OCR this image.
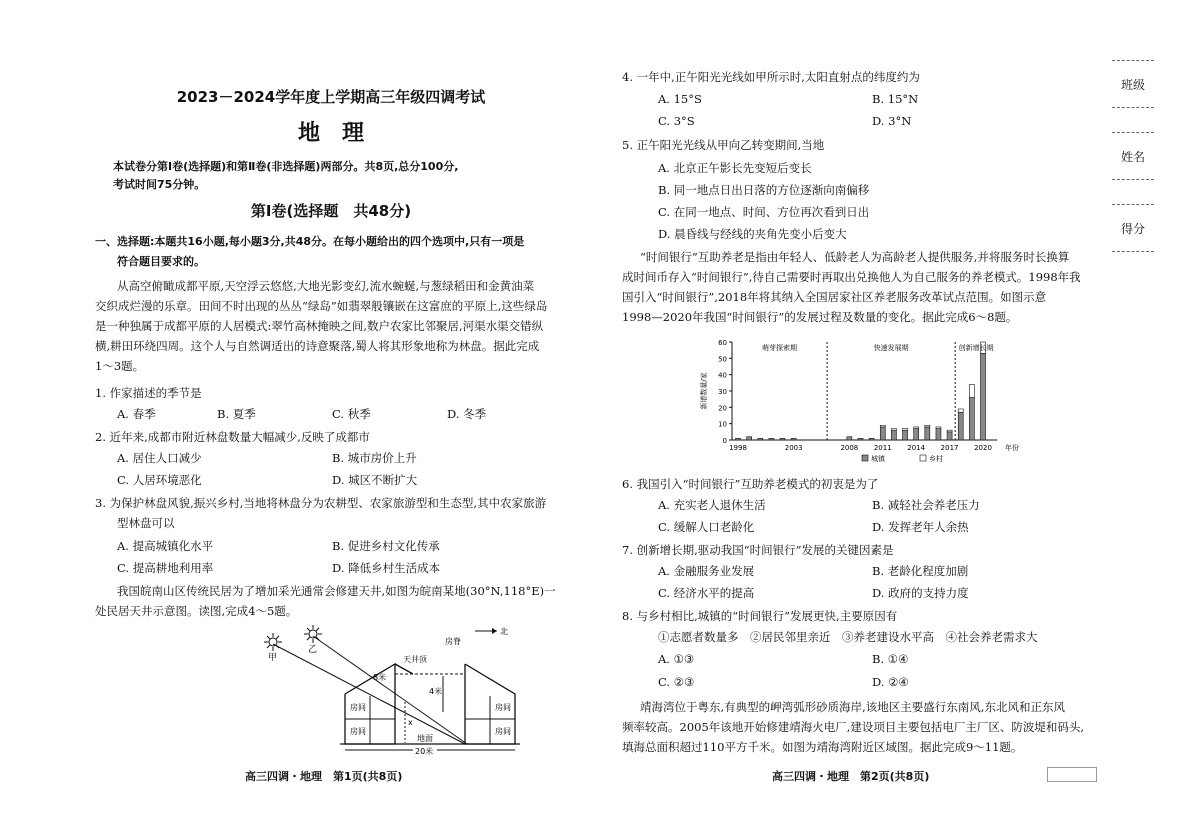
2023－2024学年度上学期高三年级四调考试
地　理
本试卷分第Ⅰ卷(选择题)和第Ⅱ卷(非选择题)两部分。共8页,总分100分,
考试时间75分钟。
第Ⅰ卷(选择题　共48分)
一、选择题:本题共16小题,每小题3分,共48分。在每小题给出的四个选项中,只有一项是
符合题目要求的。
从高空俯瞰成都平原,天空浮云悠悠,大地光影变幻,流水蜿蜒,与葱绿稻田和金黄油菜
交织成烂漫的乐章。田间不时出现的丛丛“绿岛”如翡翠般镶嵌在这富庶的平原上,这些绿岛
是一种独属于成都平原的人居模式:翠竹高林掩映之间,数户农家比邻聚居,河渠水渠交错纵
横,耕田环绕四周。这个人与自然调适出的诗意聚落,蜀人将其形象地称为林盘。据此完成
1～3题。
1. 作家描述的季节是
A. 春季	B. 夏季	C. 秋季	D. 冬季
2. 近年来,成都市附近林盘数量大幅减少,反映了成都市
A. 居住人口减少	B. 城市房价上升
C. 人居环境恶化	D. 城区不断扩大
3. 为保护林盘风貌,振兴乡村,当地将林盘分为农耕型、农家旅游型和生态型,其中农家旅游
型林盘可以
A. 提高城镇化水平	B. 促进乡村文化传承
C. 提高耕地利用率	D. 降低乡村生活成本
我国皖南山区传统民居为了增加采光通常会修建天井,如图为皖南某地(30°N,118°E)一
处民居天井示意图。读图,完成4～5题。
甲
乙
房间
房间
房间
房间
天井顶
房脊
北
8米
4米
x
地面
20米
高三四调・地理　第1页(共8页)
4. 一年中,正午阳光光线如甲所示时,太阳直射点的纬度约为
A. 15°S	B. 15°N
C. 3°S	D. 3°N
5. 正午阳光光线从甲向乙转变期间,当地
A. 北京正午影长先变短后变长
B. 同一地点日出日落的方位逐渐向南偏移
C. 在同一地点、时间、方位再次看到日出
D. 晨昏线与经线的夹角先变小后变大
“时间银行”互助养老是指由年轻人、低龄老人为高龄老人提供服务,并将服务时长换算
成时间币存入“时间银行”,待自己需要时再取出兑换他人为自己服务的养老模式。1998年我
国引入“时间银行”,2018年将其纳入全国居家社区养老服务改革试点范围。如图示意
1998—2020年我国“时间银行”的发展过程及数量的变化。据此完成6～8题。
0
10
20
30
40
50
60
新增数量/家
1998	2003	2008 2011 2014 2017 2020 年份
萌芽探索期	快速发展期	创新增长期
城镇	乡村
6. 我国引入“时间银行”互助养老模式的初衷是为了
A. 充实老人退休生活	B. 减轻社会养老压力
C. 缓解人口老龄化	D. 发挥老年人余热
7. 创新增长期,驱动我国“时间银行”发展的关键因素是
A. 金融服务业发展	B. 老龄化程度加剧
C. 经济水平的提高	D. 政府的支持力度
8. 与乡村相比,城镇的“时间银行”发展更快,主要原因有
①志愿者数量多　②居民邻里亲近　③养老建设水平高　④社会养老需求大
A. ①③	B. ①④
C. ②③	D. ②④
靖海湾位于粤东,有典型的岬湾弧形砂质海岸,该地区主要盛行东南风,东北风和正东风
频率较高。2005年该地开始修建靖海火电厂,建设项目主要包括电厂主厂区、防波堤和码头,
填海总面积超过110平方千米。如图为靖海湾附近区域图。据此完成9～11题。
高三四调・地理　第2页(共8页)
班级
姓名
得分
